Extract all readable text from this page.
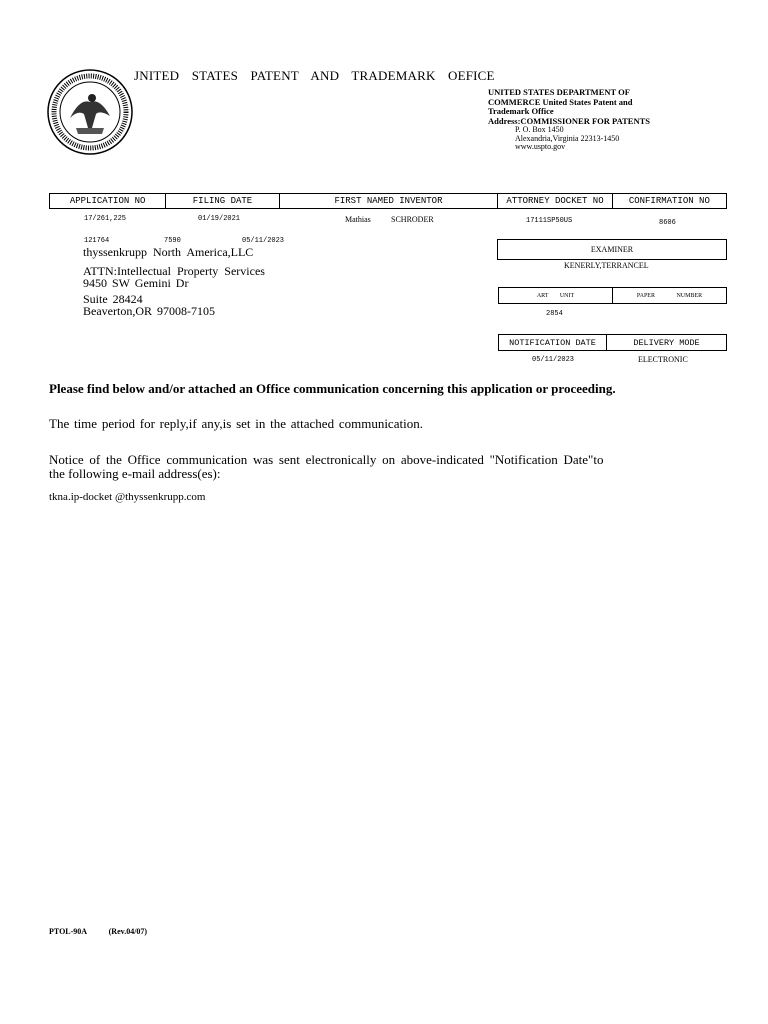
JNITED STATES PATENT AND TRADEMARK OEFICE
UNITED STATES DEPARTMENT OF
COMMERCE United States Patent and
Trademark Office
Address:COMMISSIONER FOR PATENTS
P. O. Box 1450
Alexandria,Virginia 22313-1450
www.uspto.gov
APPLICATION NO	FILING DATE	FIRST NAMED INVENTOR	ATTORNEY DOCKET NO	CONFIRMATION NO
17/261,225	01/19/2021	Mathias	SCHRODER	17111SP50US	8606
121764	7590	05/11/2023
thyssenkrupp North America,LLC
ATTN:Intellectual Property Services
9450 SW Gemini Dr
Suite 28424
Beaverton,OR 97008-7105
EXAMINER
KENERLY,TERRANCEL
ART UNIT	PAPER NUMBER
2854
NOTIFICATION DATE	DELIVERY MODE
05/11/2023	ELECTRONIC
Please find below and/or attached an Office communication concerning this application or proceeding.
The time period for reply,if any,is set in the attached communication.
Notice of the Office communication was sent electronically on above-indicated "Notification Date"to
the following e-mail address(es):
tkna.ip-docket @thyssenkrupp.com
PTOL-90A	(Rev.04/07)
